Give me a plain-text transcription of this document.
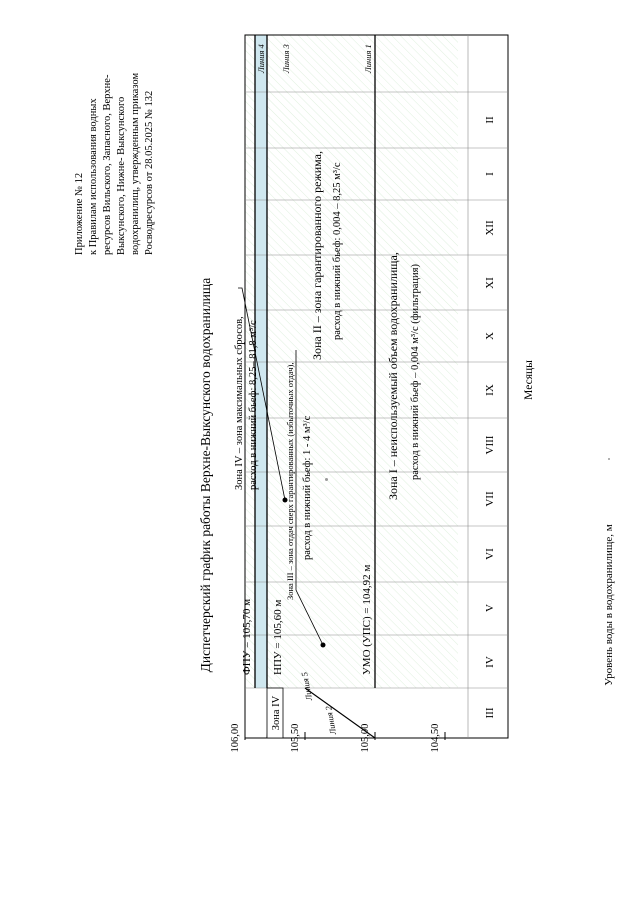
Приложение № 12 к Правилам использования водных ресурсов Вильского, Запасного, Верхне- Выксунского, Нижне- Выксунского водохранилищ, утвержденным приказом Росводресурсов от 28.05.2025 № 132
Диспетчерский график работы Верхне-Выксунского водохранилища
106,00	105,50	105,00	104,50
Уровень воды в водохранилище, м
III
IV
V
VI
VII
VIII
IX
X
XI
XII
I
II
Месяцы
ФПУ = 105,70 м НПУ = 105,60 м	УМО (УПС) = 104,92 м
Зона IV
Линия 4 Линия 3	Линия 1
Линия 5
Линия 2
Зона IV – зона максимальных сбросов, расход в нижний бьеф: 8,25– 81,8 м³/с	Зона III – зона отдач сверх гарантированных (избыточных отдач), расход в нижний бьеф: 1 - 4 м³/с
Зона II – зона гарантированного режима, расход в нижний бьеф: 0,004 – 8,25 м³/с
Зона I – неиспользуемый объем водохранилища, расход в нижний бьеф – 0,004 м³/с (фильтрация)
